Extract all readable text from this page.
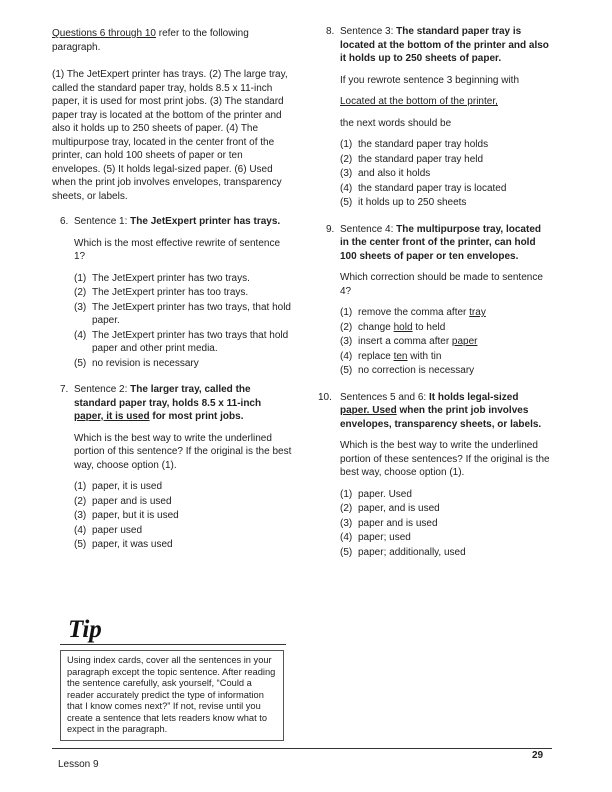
Questions 6 through 10 refer to the following paragraph.

(1) The JetExpert printer has trays. (2) The large tray, called the standard paper tray, holds 8.5 x 11-inch paper, it is used for most print jobs. (3) The standard paper tray is located at the bottom of the printer and also it holds up to 250 sheets of paper. (4) The multipurpose tray, located in the center front of the printer, can hold 100 sheets of paper or ten envelopes. (5) It holds legal-sized paper. (6) Used when the print job involves envelopes, transparency sheets, or labels.

6. Sentence 1: The JetExpert printer has trays.

Which is the most effective rewrite of sentence 1?

(1) The JetExpert printer has two trays.
(2) The JetExpert printer has too trays.
(3) The JetExpert printer has two trays, that hold paper.
(4) The JetExpert printer has two trays that hold paper and other print media.
(5) no revision is necessary
7. Sentence 2: The larger tray, called the standard paper tray, holds 8.5 x 11-inch paper, it is used for most print jobs.

Which is the best way to write the underlined portion of this sentence? If the original is the best way, choose option (1).

(1) paper, it is used
(2) paper and is used
(3) paper, but it is used
(4) paper used
(5) paper, it was used
8. Sentence 3: The standard paper tray is located at the bottom of the printer and also it holds up to 250 sheets of paper.

If you rewrote sentence 3 beginning with

Located at the bottom of the printer,

the next words should be

(1) the standard paper tray holds
(2) the standard paper tray held
(3) and also it holds
(4) the standard paper tray is located
(5) it holds up to 250 sheets
9. Sentence 4: The multipurpose tray, located in the center front of the printer, can hold 100 sheets of paper or ten envelopes.

Which correction should be made to sentence 4?

(1) remove the comma after tray
(2) change hold to held
(3) insert a comma after paper
(4) replace ten with tin
(5) no correction is necessary
10. Sentences 5 and 6: It holds legal-sized paper. Used when the print job involves envelopes, transparency sheets, or labels.

Which is the best way to write the underlined portion of these sentences? If the original is the best way, choose option (1).

(1) paper. Used
(2) paper, and is used
(3) paper and is used
(4) paper; used
(5) paper; additionally, used
Tip
Using index cards, cover all the sentences in your paragraph except the topic sentence. After reading the sentence carefully, ask yourself, “Could a reader accurately predict the type of information that I know comes next?” If not, revise until you create a sentence that lets readers know what to expect in the paragraph.
Lesson 9
29
